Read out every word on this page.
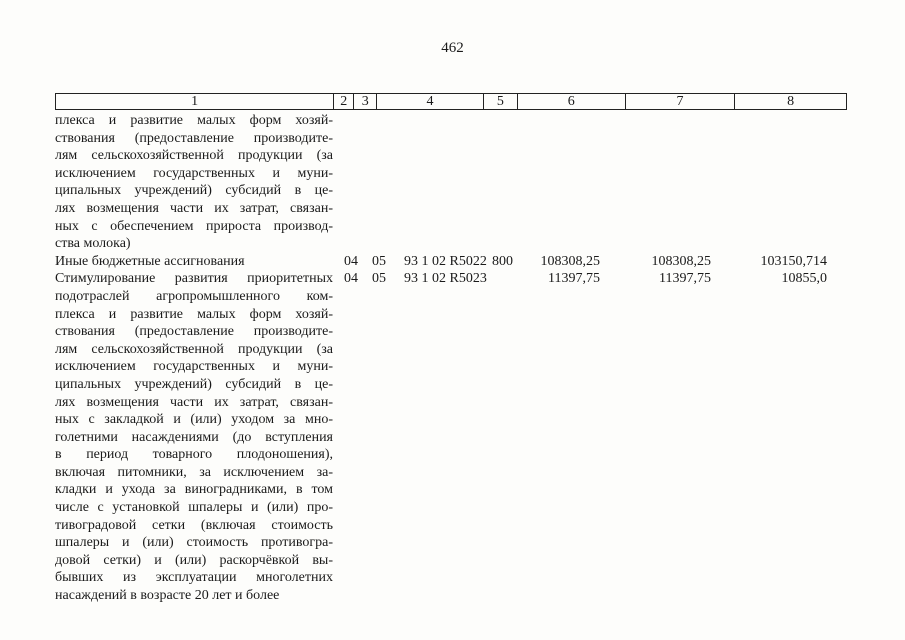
462
1	2	3	4	5	6	7	8
плекса и развитие малых форм хозяй-
ствования (предоставление производите-
лям сельскохозяйственной продукции (за
исключением государственных и муни-
ципальных учреждений) субсидий в це-
лях возмещения части их затрат, связан-
ных с обеспечением прироста производ-
ства молока)
Иные бюджетные ассигнования	04 05 93 1 02 R5022 800	108308,25	108308,25	103150,714
Стимулирование развития приоритетных
подотраслей агропромышленного ком-
плекса и развитие малых форм хозяй-
ствования (предоставление производите-
лям сельскохозяйственной продукции (за
исключением государственных и муни-
ципальных учреждений) субсидий в це-
лях возмещения части их затрат, связан-
ных с закладкой и (или) уходом за мно-
голетними насаждениями (до вступления
в период товарного плодоношения),
включая питомники, за исключением за-
кладки и ухода за виноградниками, в том
числе с установкой шпалеры и (или) про-
тивоградовой сетки (включая стоимость
шпалеры и (или) стоимость противогра-
довой сетки) и (или) раскорчёвкой вы-
бывших из эксплуатации многолетних
насаждений в возрасте 20 лет и более
04 05 93 1 02 R5023	11397,75	11397,75	10855,0
